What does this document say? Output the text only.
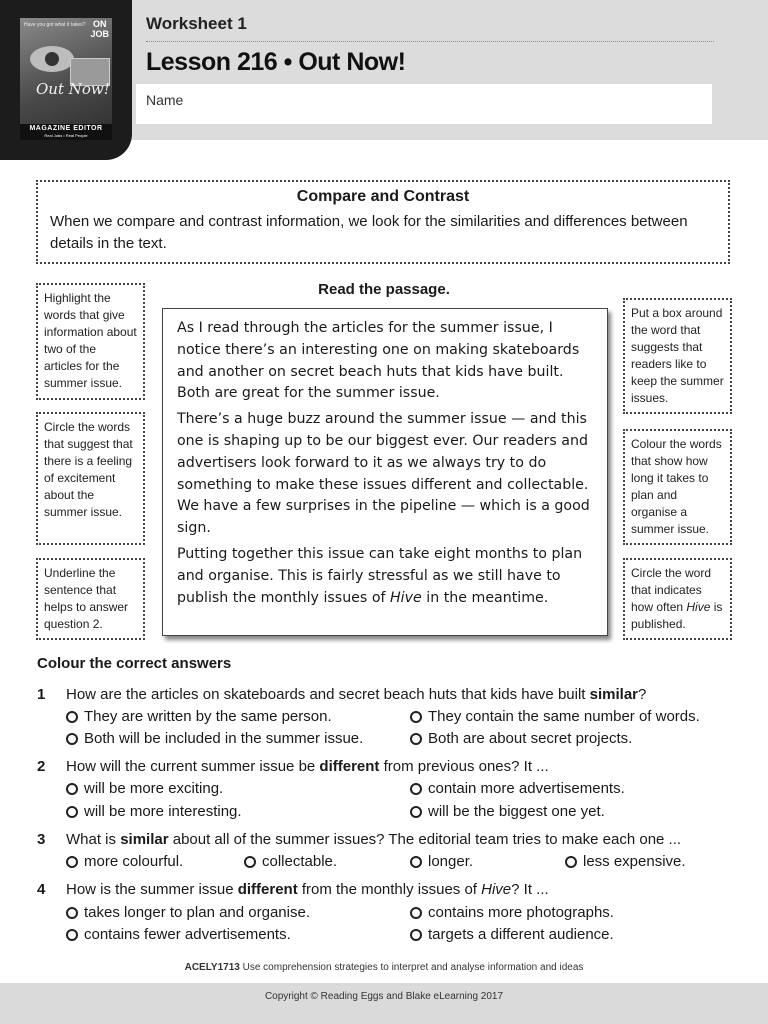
Have you got what it takes? ON
JOB
Out Now!
MAGAZINE EDITOR
Real Jobs • Real People
Worksheet 1
Lesson 216 • Out Now!
Name
Compare and Contrast
When we compare and contrast information, we look for the similarities and differences between details in the text.
Highlight the words that give information about two of the articles for the summer issue.
Circle the words that suggest that there is a feeling of excitement about the summer issue.
Underline the sentence that helps to answer question 2.
Put a box around the word that suggests that readers like to keep the summer issues.
Colour the words that show how long it takes to plan and organise a summer issue.
Circle the word that indicates how often Hive is published.
Read the passage.

As I read through the articles for the summer issue, I notice there’s an interesting one on making skateboards and another on secret beach huts that kids have built. Both are great for the summer issue.

There’s a huge buzz around the summer issue — and this one is shaping up to be our biggest ever. Our readers and advertisers look forward to it as we always try to do something to make these issues different and collectable. We have a few surprises in the pipeline — which is a good sign.

Putting together this issue can take eight months to plan and organise. This is fairly stressful as we still have to publish the monthly issues of Hive in the meantime.

Colour the correct answers
1 How are the articles on skateboards and secret beach huts that kids have built similar?
They are written by the same person.	They contain the same number of words.
Both will be included in the summer issue.	Both are about secret projects.
2 How will the current summer issue be different from previous ones? It ...
will be more exciting.	contain more advertisements.
will be more interesting.	will be the biggest one yet.
3 What is similar about all of the summer issues? The editorial team tries to make each one ...
more colourful.	collectable.	longer.	less expensive.
4 How is the summer issue different from the monthly issues of Hive? It ...
takes longer to plan and organise.	contains more photographs.
contains fewer advertisements.	targets a different audience.
ACELY1713 Use comprehension strategies to interpret and analyse information and ideas
Copyright © Reading Eggs and Blake eLearning 2017
